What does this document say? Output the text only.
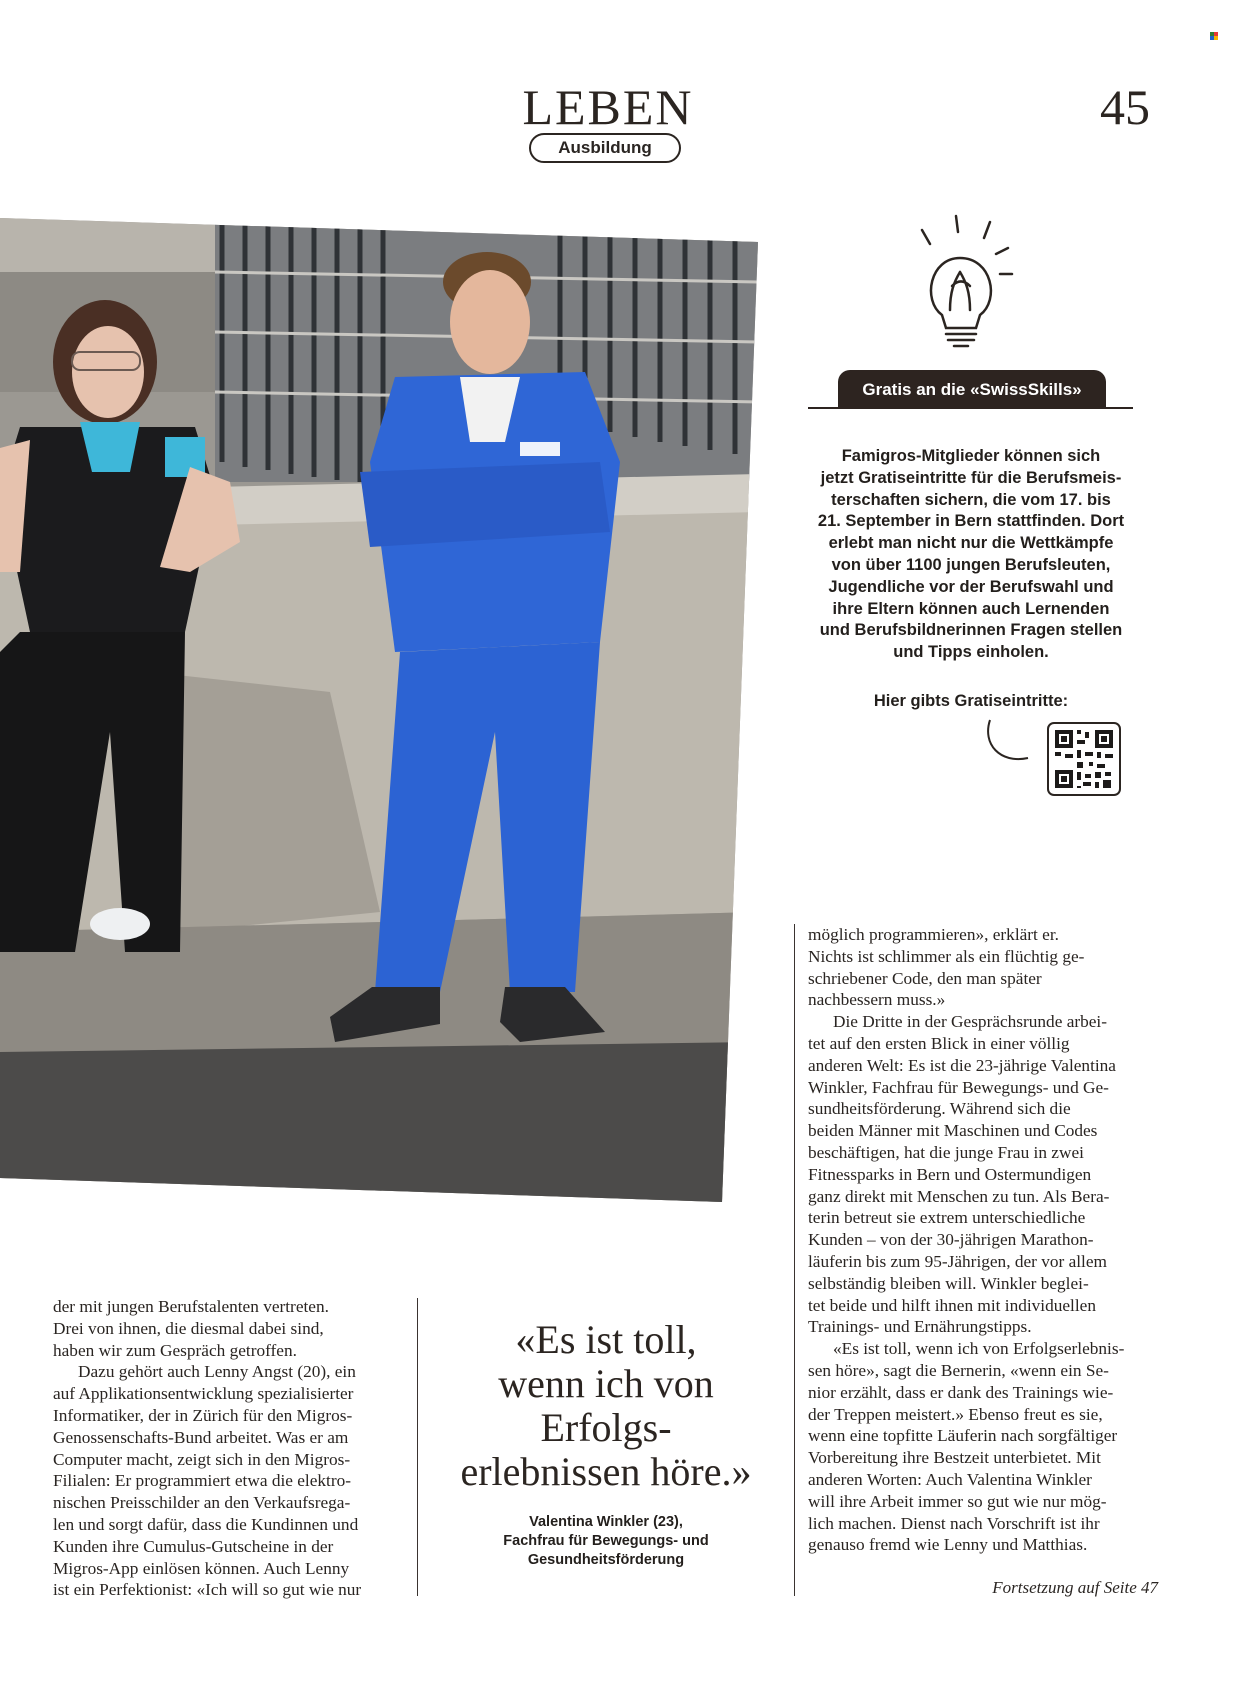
LEBEN
Ausbildung
45
Gratis an die «SwissSkills»

Famigros-Mitglieder können sich
jetzt Gratiseintritte für die Berufsmeis-
terschaften sichern, die vom 17. bis
21. September in Bern stattfinden. Dort
erlebt man nicht nur die Wettkämpfe
von über 1100 jungen Berufsleuten,
Jugendliche vor der Berufswahl und
ihre Eltern können auch Lernenden
und Berufsbildnerinnen Fragen stellen
und Tipps einholen.

Hier gibts Gratiseintritte:

der mit jungen Berufstalenten vertreten.
Drei von ihnen, die diesmal dabei sind,
haben wir zum Gespräch getroffen.

Dazu gehört auch Lenny Angst (20), ein
auf Applikationsentwicklung spezialisierter
Informatiker, der in Zürich für den Migros-
Genossenschafts-Bund arbeitet. Was er am
Computer macht, zeigt sich in den Migros-
Filialen: Er programmiert etwa die elektro-
nischen Preisschilder an den Verkaufsrega-
len und sorgt dafür, dass die Kundinnen und
Kunden ihre Cumulus-Gutscheine in der
Migros-App einlösen können. Auch Lenny
ist ein Perfektionist: «Ich will so gut wie nur

«Es ist toll,
wenn ich von
Erfolgs-
erlebnissen höre.»

Valentina Winkler (23),
Fachfrau für Bewegungs- und
Gesundheitsförderung

möglich programmieren», erklärt er.
Nichts ist schlimmer als ein flüchtig ge-
schriebener Code, den man später
nachbessern muss.»

Die Dritte in der Gesprächsrunde arbei-
tet auf den ersten Blick in einer völlig
anderen Welt: Es ist die 23-jährige Valentina
Winkler, Fachfrau für Bewegungs- und Ge-
sundheitsförderung. Während sich die
beiden Männer mit Maschinen und Codes
beschäftigen, hat die junge Frau in zwei
Fitnessparks in Bern und Ostermundigen
ganz direkt mit Menschen zu tun. Als Bera-
terin betreut sie extrem unterschiedliche
Kunden – von der 30-jährigen Marathon-
läuferin bis zum 95-Jährigen, der vor allem
selbständig bleiben will. Winkler beglei-
tet beide und hilft ihnen mit individuellen
Trainings- und Ernährungstipps.

«Es ist toll, wenn ich von Erfolgserlebnis-
sen höre», sagt die Bernerin, «wenn ein Se-
nior erzählt, dass er dank des Trainings wie-
der Treppen meistert.» Ebenso freut es sie,
wenn eine topfitte Läuferin nach sorgfältiger
Vorbereitung ihre Bestzeit unterbietet. Mit
anderen Worten: Auch Valentina Winkler
will ihre Arbeit immer so gut wie nur mög-
lich machen. Dienst nach Vorschrift ist ihr
genauso fremd wie Lenny und Matthias.

Fortsetzung auf Seite 47
